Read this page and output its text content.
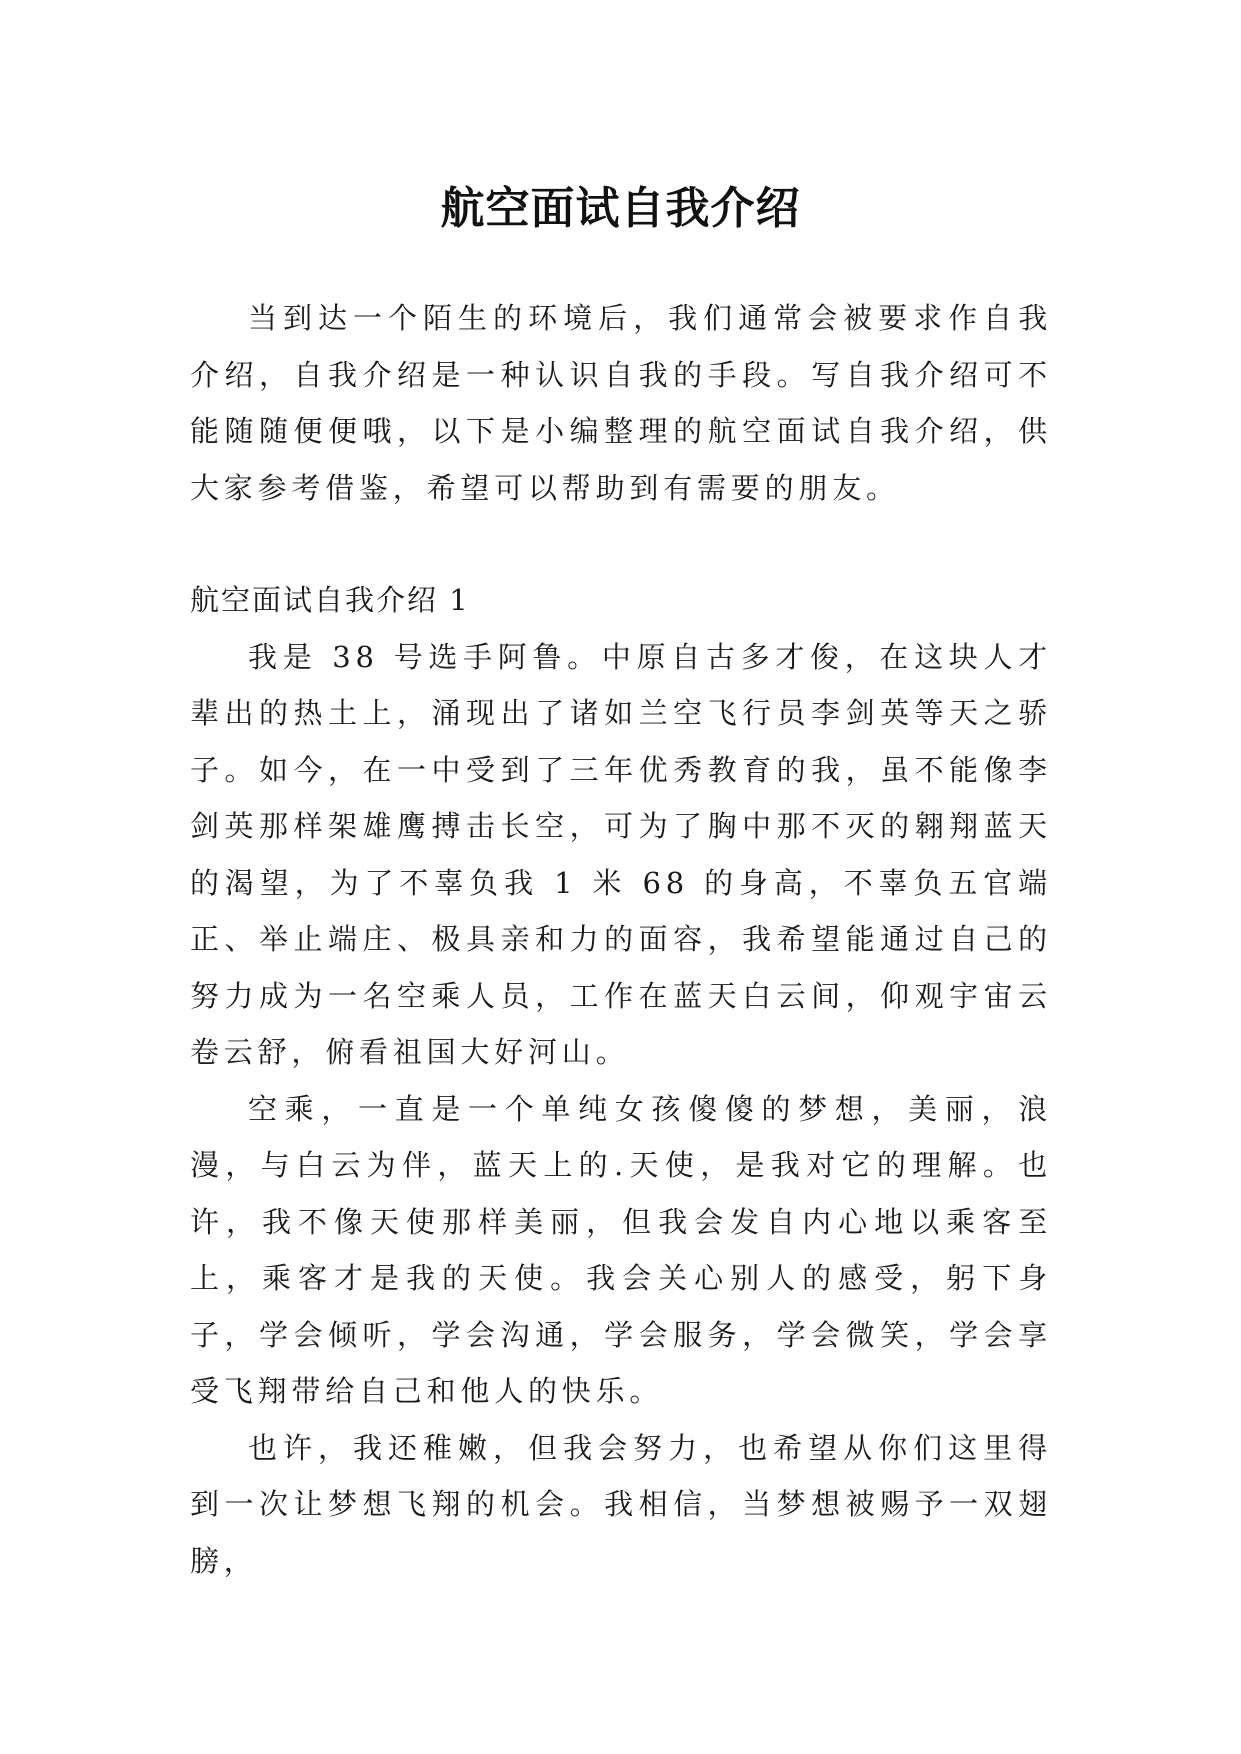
航空面试自我介绍

当到达一个陌生的环境后，我们通常会被要求作自我介绍，自我介绍是一种认识自我的手段。写自我介绍可不能随随便便哦，以下是小编整理的航空面试自我介绍，供大家参考借鉴，希望可以帮助到有需要的朋友。

航空面试自我介绍 1

我是 38 号选手阿鲁。中原自古多才俊，在这块人才辈出的热土上，涌现出了诸如兰空飞行员李剑英等天之骄子。如今，在一中受到了三年优秀教育的我，虽不能像李剑英那样架雄鹰搏击长空，可为了胸中那不灭的翱翔蓝天的渴望，为了不辜负我 1 米 68 的身高，不辜负五官端正、举止端庄、极具亲和力的面容，我希望能通过自己的努力成为一名空乘人员，工作在蓝天白云间，仰观宇宙云卷云舒，俯看祖国大好河山。

空乘，一直是一个单纯女孩傻傻的梦想，美丽，浪漫，与白云为伴，蓝天上的.天使，是我对它的理解。也许，我不像天使那样美丽，但我会发自内心地以乘客至上，乘客才是我的天使。我会关心别人的感受，躬下身子，学会倾听，学会沟通，学会服务，学会微笑，学会享受飞翔带给自己和他人的快乐。

也许，我还稚嫩，但我会努力，也希望从你们这里得到一次让梦想飞翔的机会。我相信，当梦想被赐予一双翅膀，
